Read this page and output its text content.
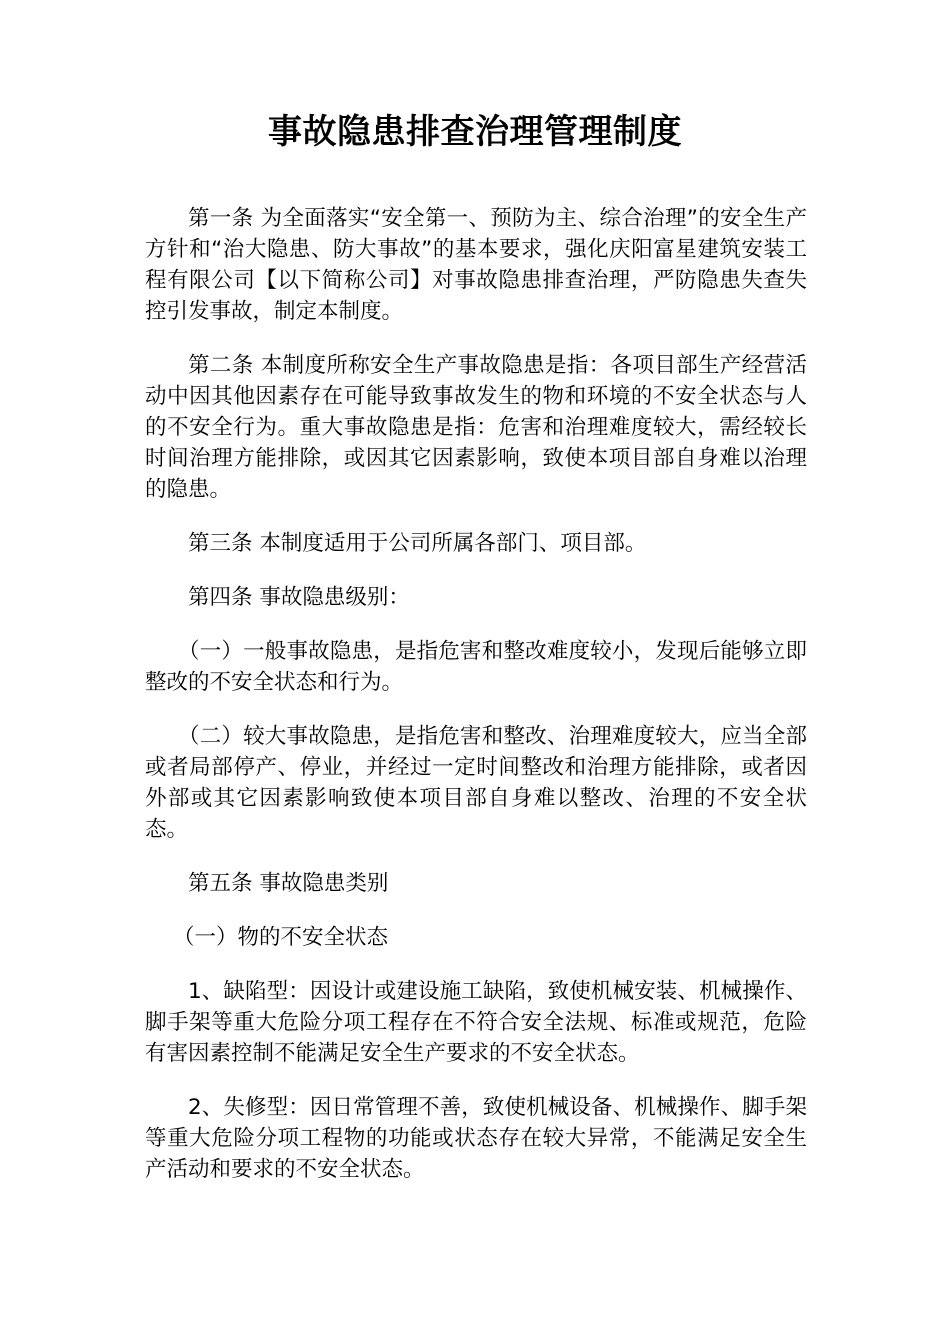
事故隐患排查治理管理制度

第一条 为全面落实“安全第一、预防为主、综合治理”的安全生产方针和“治大隐患、防大事故”的基本要求，强化庆阳富星建筑安装工程有限公司【以下简称公司】对事故隐患排查治理，严防隐患失查失控引发事故，制定本制度。

第二条 本制度所称安全生产事故隐患是指：各项目部生产经营活动中因其他因素存在可能导致事故发生的物和环境的不安全状态与人的不安全行为。重大事故隐患是指：危害和治理难度较大，需经较长时间治理方能排除，或因其它因素影响，致使本项目部自身难以治理的隐患。

第三条 本制度适用于公司所属各部门、项目部。

第四条 事故隐患级别：

（一）一般事故隐患，是指危害和整改难度较小，发现后能够立即整改的不安全状态和行为。

（二）较大事故隐患，是指危害和整改、治理难度较大，应当全部或者局部停产、停业，并经过一定时间整改和治理方能排除，或者因外部或其它因素影响致使本项目部自身难以整改、治理的不安全状态。

第五条 事故隐患类别

（一）物的不安全状态

1、缺陷型：因设计或建设施工缺陷，致使机械安装、机械操作、脚手架等重大危险分项工程存在不符合安全法规、标准或规范，危险有害因素控制不能满足安全生产要求的不安全状态。

2、失修型：因日常管理不善，致使机械设备、机械操作、脚手架等重大危险分项工程物的功能或状态存在较大异常，不能满足安全生产活动和要求的不安全状态。
